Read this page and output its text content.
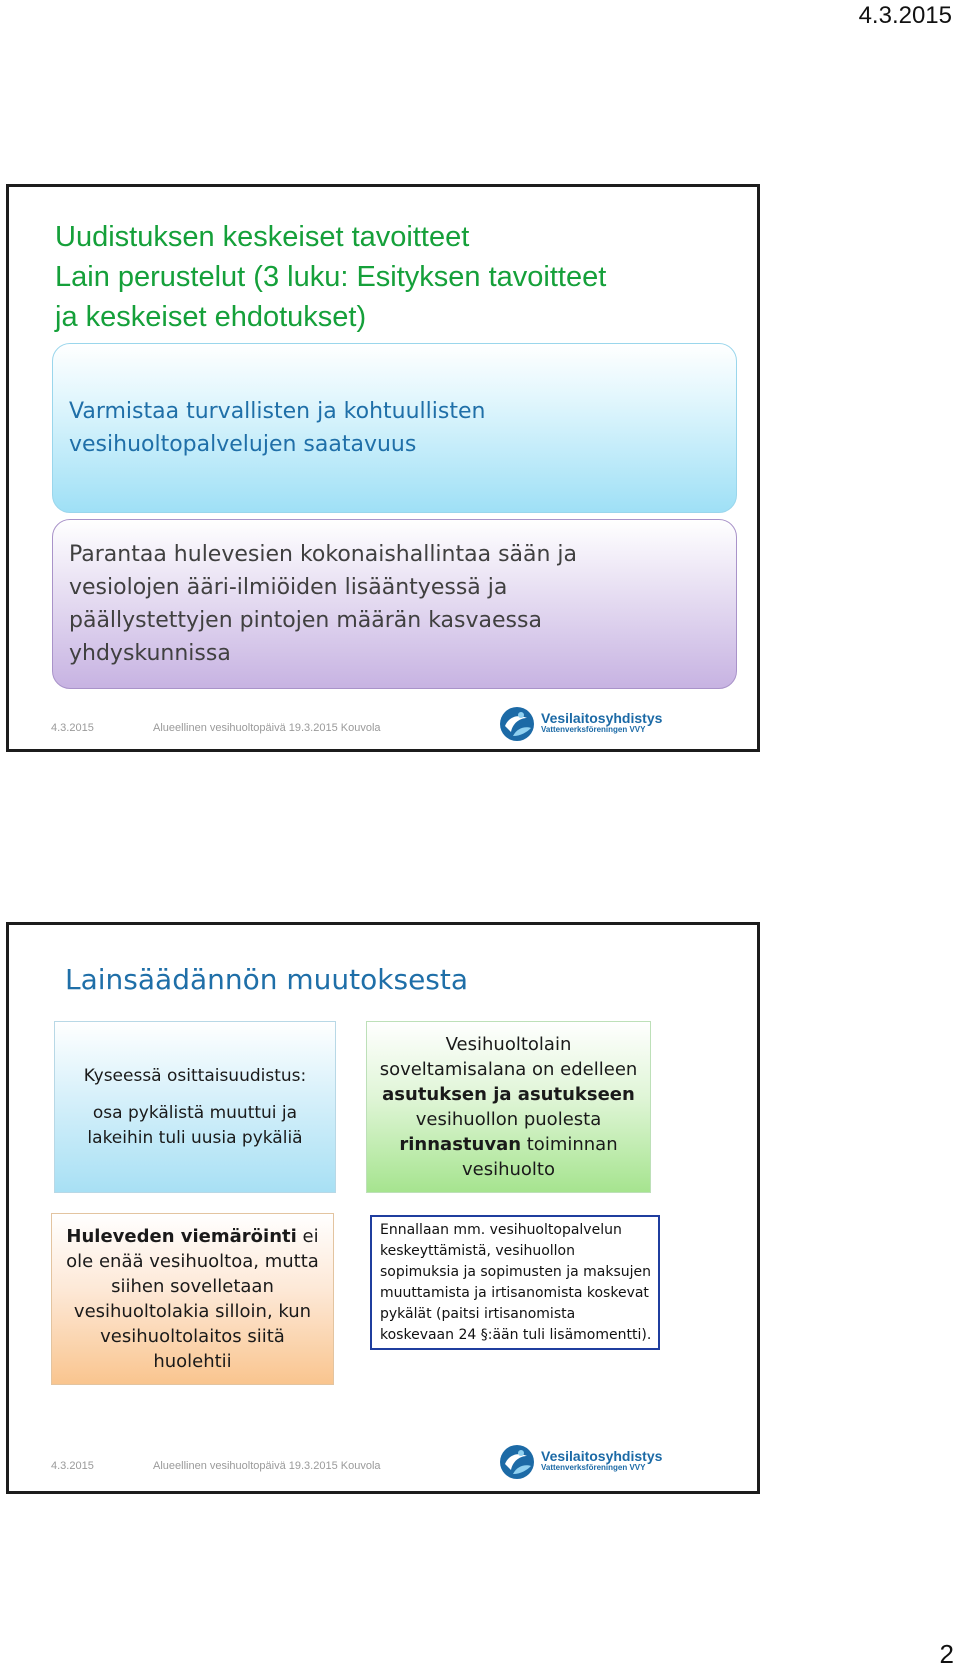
4.3.2015
Uudistuksen keskeiset tavoitteet
Lain perustelut (3 luku: Esityksen tavoitteet
ja keskeiset ehdotukset)
Varmistaa turvallisten ja kohtuullisten
vesihuoltopalvelujen saatavuus
Parantaa hulevesien kokonaishallintaa sään ja
vesiolojen ääri-ilmiöiden lisääntyessä ja
päällystettyjen pintojen määrän kasvaessa
yhdyskunnissa
4.3.2015	Alueellinen vesihuoltopäivä 19.3.2015 Kouvola
Vesilaitosyhdistys
Vattenverksföreningen VVY
Lainsäädännön muutoksesta
Kyseessä osittaisuudistus:
osa pykälistä muuttui ja
lakeihin tuli uusia pykäliä
Vesihuoltolain
soveltamisalana on edelleen
asutuksen ja asutukseen
vesihuollon puolesta
rinnastuvan toiminnan
vesihuolto
Huleveden viemäröinti ei
ole enää vesihuoltoa, mutta
siihen sovelletaan
vesihuoltolakia silloin, kun
vesihuoltolaitos siitä
huolehtii
Ennallaan mm. vesihuoltopalvelun
keskeyttämistä, vesihuollon
sopimuksia ja sopimusten ja maksujen
muuttamista ja irtisanomista koskevat
pykälät (paitsi irtisanomista
koskevaan 24 §:ään tuli lisämomentti).
4.3.2015	Alueellinen vesihuoltopäivä 19.3.2015 Kouvola
Vesilaitosyhdistys
Vattenverksföreningen VVY
2
